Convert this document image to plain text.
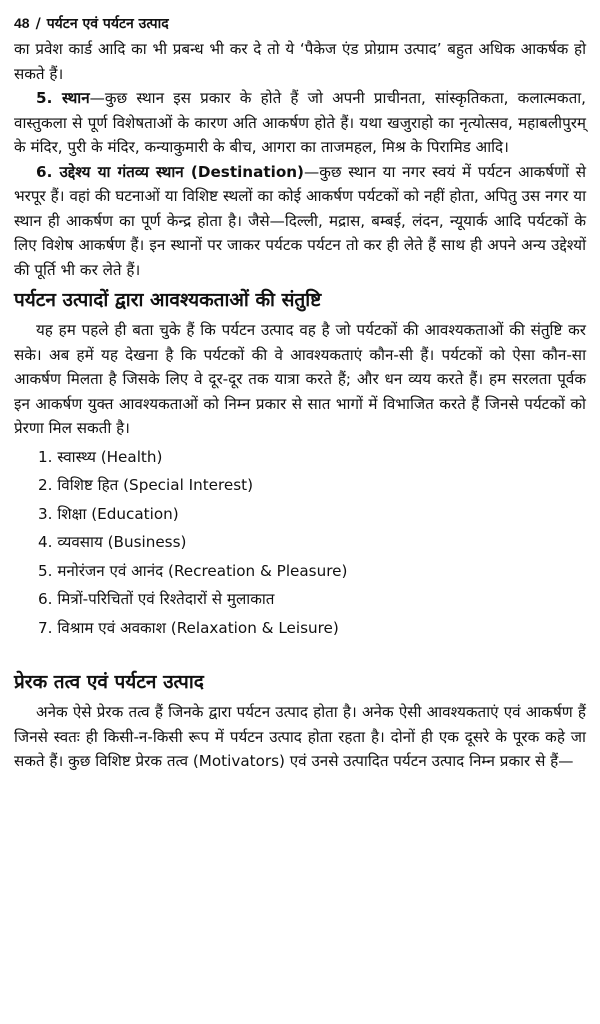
48 / पर्यटन एवं पर्यटन उत्पाद

का प्रवेश कार्ड आदि का भी प्रबन्ध भी कर दे तो ये ‘पैकेज एंड प्रोग्राम उत्पाद’ बहुत अधिक आकर्षक हो सकते हैं।

5. स्थान—कुछ स्थान इस प्रकार के होते हैं जो अपनी प्राचीनता, सांस्कृतिकता, कलात्मकता, वास्तुकला से पूर्ण विशेषताओं के कारण अति आकर्षण होते हैं। यथा खजुराहो का नृत्योत्सव, महाबलीपुरम् के मंदिर, पुरी के मंदिर, कन्याकुमारी के बीच, आगरा का ताजमहल, मिश्र के पिरामिड आदि।

6. उद्देश्य या गंतव्य स्थान (Destination)—कुछ स्थान या नगर स्वयं में पर्यटन आकर्षणों से भरपूर हैं। वहां की घटनाओं या विशिष्ट स्थलों का कोई आकर्षण पर्यटकों को नहीं होता, अपितु उस नगर या स्थान ही आकर्षण का पूर्ण केन्द्र होता है। जैसे—दिल्ली, मद्रास, बम्बई, लंदन, न्यूयार्क आदि पर्यटकों के लिए विशेष आकर्षण हैं। इन स्थानों पर जाकर पर्यटक पर्यटन तो कर ही लेते हैं साथ ही अपने अन्य उद्देश्यों की पूर्ति भी कर लेते हैं।

पर्यटन उत्पादों द्वारा आवश्यकताओं की संतुष्टि

यह हम पहले ही बता चुके हैं कि पर्यटन उत्पाद वह है जो पर्यटकों की आवश्यकताओं की संतुष्टि कर सके। अब हमें यह देखना है कि पर्यटकों की वे आवश्यकताएं कौन-सी हैं। पर्यटकों को ऐसा कौन-सा आकर्षण मिलता है जिसके लिए वे दूर-दूर तक यात्रा करते हैं; और धन व्यय करते हैं। हम सरलता पूर्वक इन आकर्षण युक्त आवश्यकताओं को निम्न प्रकार से सात भागों में विभाजित करते हैं जिनसे पर्यटकों को प्रेरणा मिल सकती है।

1. स्वास्थ्य (Health)
2. विशिष्ट हित (Special Interest)
3. शिक्षा (Education)
4. व्यवसाय (Business)
5. मनोरंजन एवं आनंद (Recreation & Pleasure)
6. मित्रों-परिचितों एवं रिश्तेदारों से मुलाकात
7. विश्राम एवं अवकाश (Relaxation & Leisure)
प्रेरक तत्व एवं पर्यटन उत्पाद

अनेक ऐसे प्रेरक तत्व हैं जिनके द्वारा पर्यटन उत्पाद होता है। अनेक ऐसी आवश्यकताएं एवं आकर्षण हैं जिनसे स्वतः ही किसी-न-किसी रूप में पर्यटन उत्पाद होता रहता है। दोनों ही एक दूसरे के पूरक कहे जा सकते हैं। कुछ विशिष्ट प्रेरक तत्व (Motivators) एवं उनसे उत्पादित पर्यटन उत्पाद निम्न प्रकार से हैं—
